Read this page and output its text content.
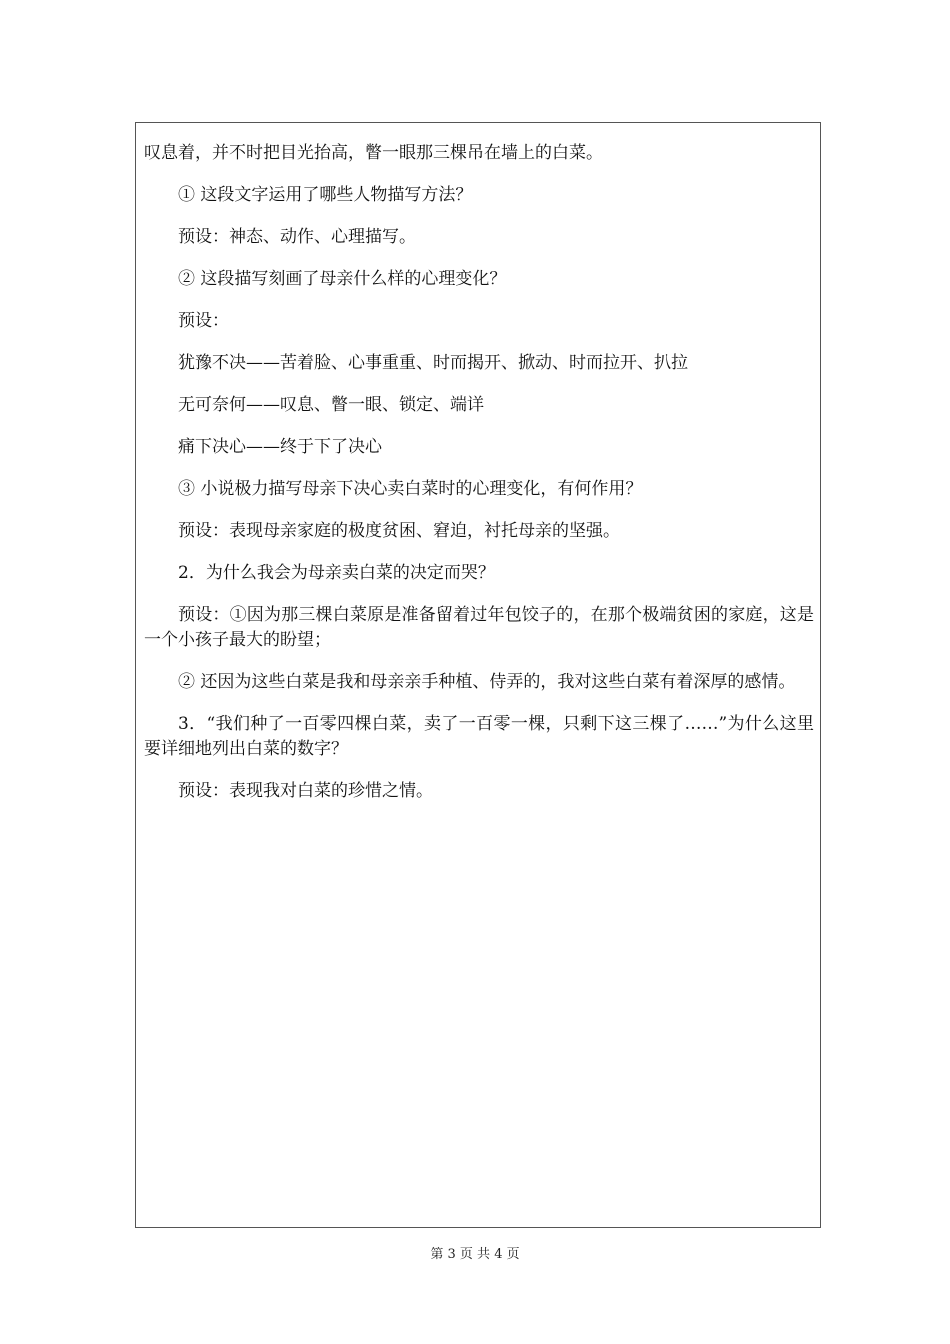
叹息着，并不时把目光抬高，瞥一眼那三棵吊在墙上的白菜。

① 这段文字运用了哪些人物描写方法？

预设：神态、动作、心理描写。

② 这段描写刻画了母亲什么样的心理变化？

预设：

犹豫不决——苦着脸、心事重重、时而揭开、掀动、时而拉开、扒拉

无可奈何——叹息、瞥一眼、锁定、端详

痛下决心——终于下了决心

③ 小说极力描写母亲下决心卖白菜时的心理变化，有何作用？

预设：表现母亲家庭的极度贫困、窘迫，衬托母亲的坚强。

2．为什么我会为母亲卖白菜的决定而哭？

预设：①因为那三棵白菜原是准备留着过年包饺子的，在那个极端贫困的家庭，这是一个小孩子最大的盼望；

② 还因为这些白菜是我和母亲亲手种植、侍弄的，我对这些白菜有着深厚的感情。

3．“我们种了一百零四棵白菜，卖了一百零一棵，只剩下这三棵了……”为什么这里要详细地列出白菜的数字？

预设：表现我对白菜的珍惜之情。

第 3 页 共 4 页
